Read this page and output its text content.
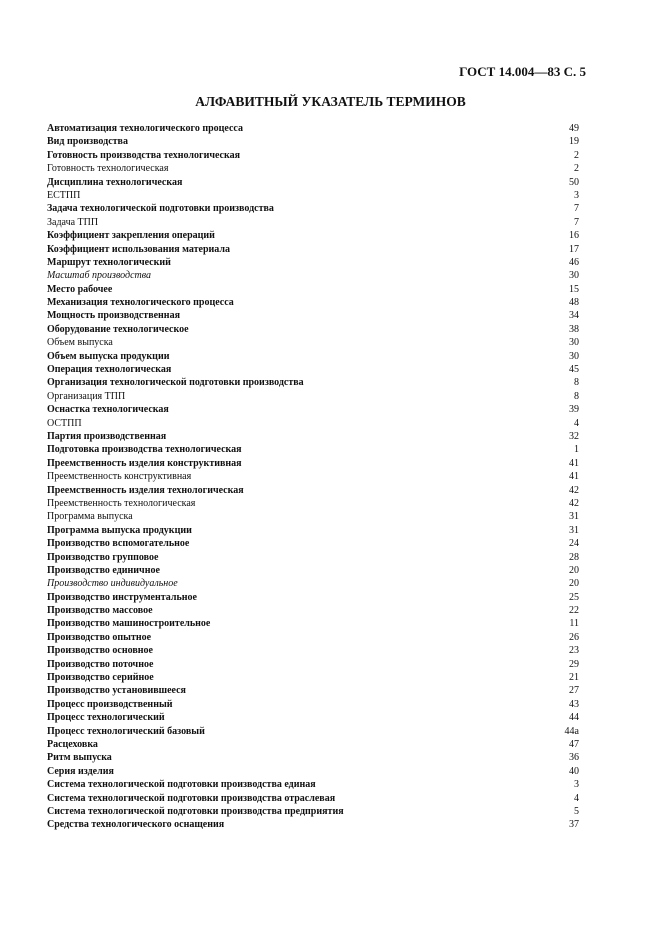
ГОСТ 14.004—83 С. 5
АЛФАВИТНЫЙ УКАЗАТЕЛЬ ТЕРМИНОВ
Автоматизация технологического процесса	49
Вид производства	19
Готовность производства технологическая	2
Готовность технологическая	2
Дисциплина технологическая	50
ЕСТПП	3
Задача технологической подготовки производства	7
Задача ТПП	7
Коэффициент закрепления операций	16
Коэффициент использования материала	17
Маршрут технологический	46
Масштаб производства	30
Место рабочее	15
Механизация технологического процесса	48
Мощность производственная	34
Оборудование технологическое	38
Объем выпуска	30
Объем выпуска продукции	30
Операция технологическая	45
Организация технологической подготовки производства	8
Организация ТПП	8
Оснастка технологическая	39
ОСТПП	4
Партия производственная	32
Подготовка производства технологическая	1
Преемственность изделия конструктивная	41
Преемственность конструктивная	41
Преемственность изделия технологическая	42
Преемственность технологическая	42
Программа выпуска	31
Программа выпуска продукции	31
Производство вспомогательное	24
Производство групповое	28
Производство единичное	20
Производство индивидуальное	20
Производство инструментальное	25
Производство массовое	22
Производство машиностроительное	11
Производство опытное	26
Производство основное	23
Производство поточное	29
Производство серийное	21
Производство установившееся	27
Процесс производственный	43
Процесс технологический	44
Процесс технологический базовый	44а
Расцеховка	47
Ритм выпуска	36
Серия изделия	40
Система технологической подготовки производства единая	3
Система технологической подготовки производства отраслевая	4
Система технологической подготовки производства предприятия	5
Средства технологического оснащения	37
